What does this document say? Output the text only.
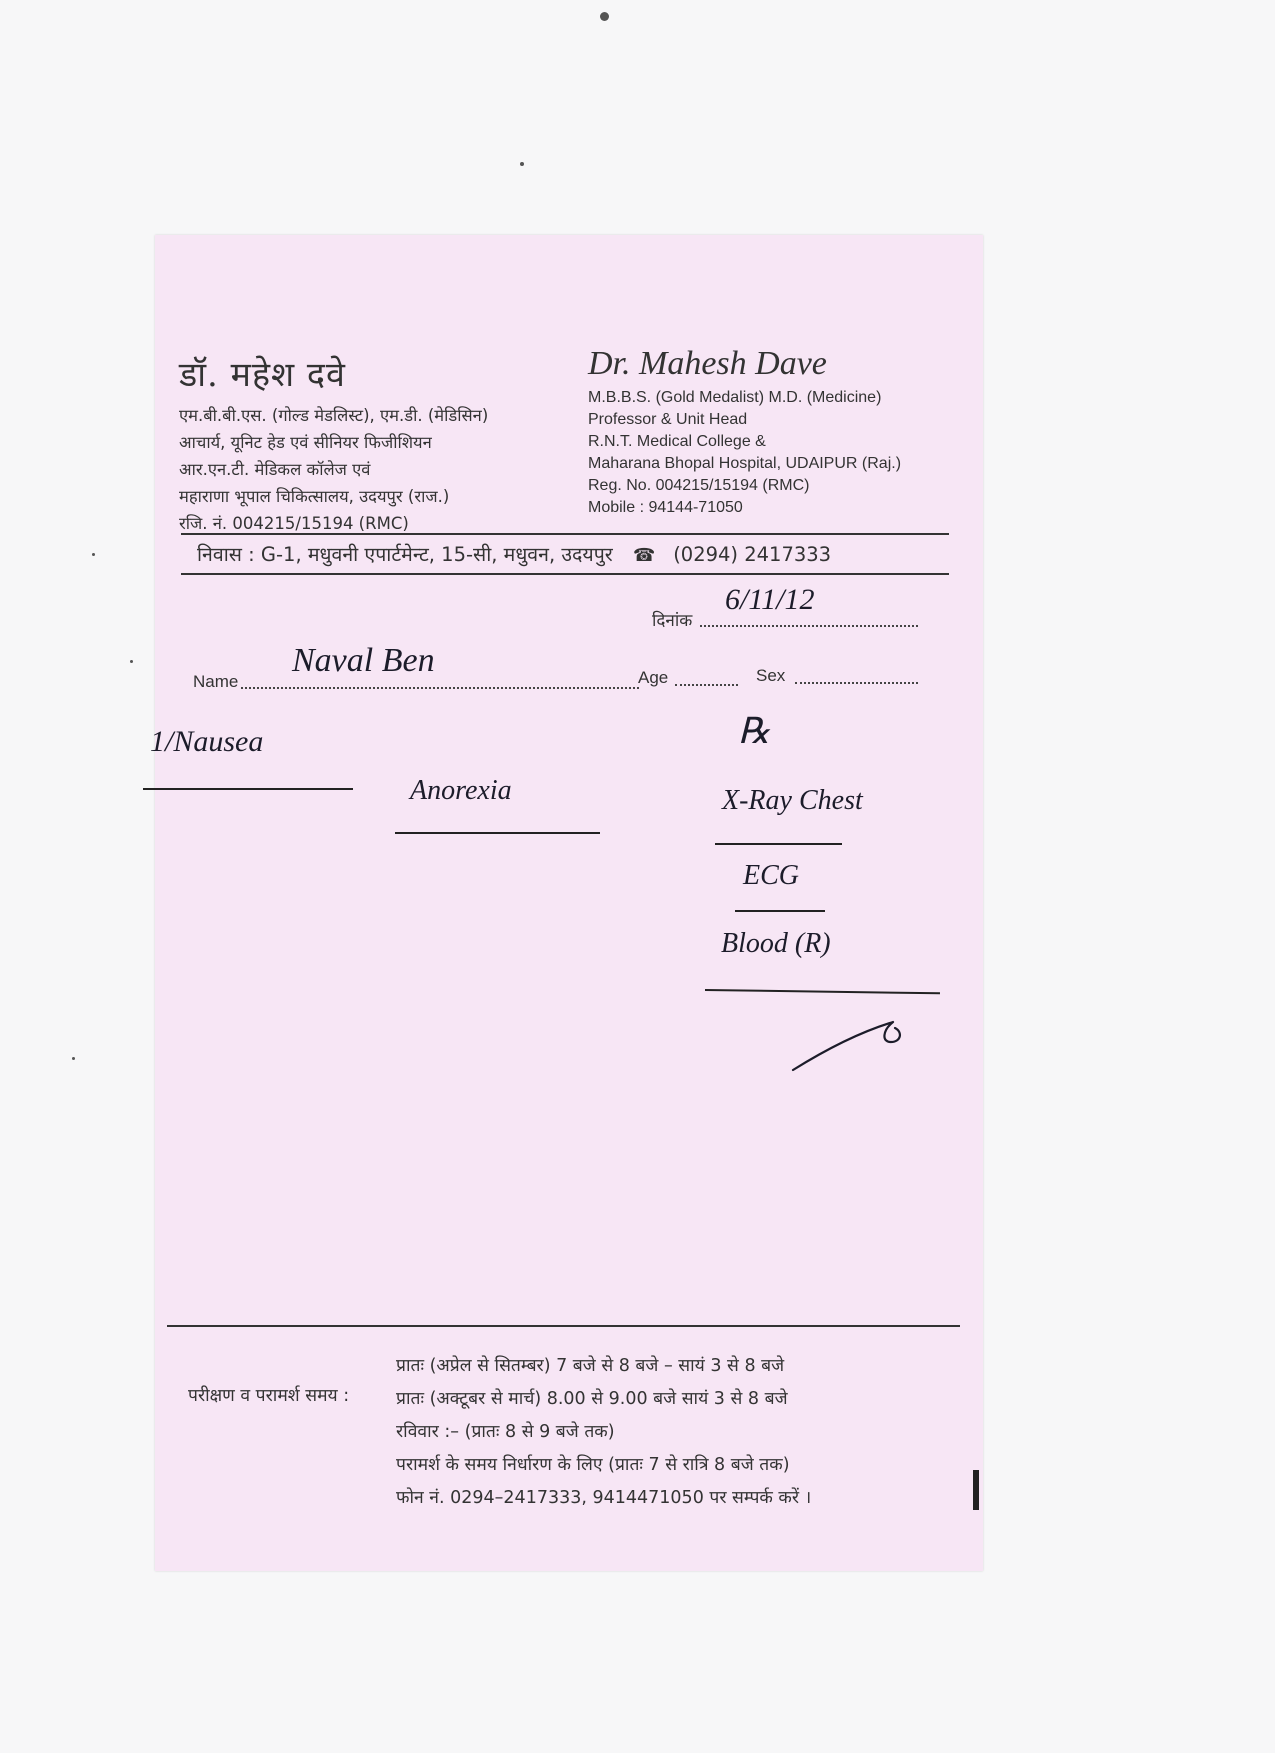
डॉ. महेश दवे
एम.बी.बी.एस. (गोल्ड मेडलिस्ट), एम.डी. (मेडिसिन)
आचार्य, यूनिट हेड एवं सीनियर फिजीशियन
आर.एन.टी. मेडिकल कॉलेज एवं
महाराणा भूपाल चिकित्सालय, उदयपुर (राज.)
रजि. नं. 004215/15194 (RMC)
Dr. Mahesh Dave
M.B.B.S. (Gold Medalist) M.D. (Medicine)
Professor & Unit Head
R.N.T. Medical College &
Maharana Bhopal Hospital, UDAIPUR (Raj.)
Reg. No. 004215/15194 (RMC)
Mobile : 94144-71050
निवास : G-1, मधुवनी एपार्टमेन्ट, 15-सी, मधुवन, उदयपुर ☎ (0294) 2417333
दिनांक
6/11/12
Name
Naval Ben	Age	Sex
1/Nausea
Anorexia
℞
X-Ray Chest
ECG
Blood (R)
परीक्षण व परामर्श समय :
प्रातः (अप्रेल से सितम्बर) 7 बजे से 8 बजे – सायं 3 से 8 बजे
प्रातः (अक्टूबर से मार्च) 8.00 से 9.00 बजे सायं 3 से 8 बजे
रविवार :– (प्रातः 8 से 9 बजे तक)
परामर्श के समय निर्धारण के लिए (प्रातः 7 से रात्रि 8 बजे तक)
फोन नं. 0294–2417333, 9414471050 पर सम्पर्क करें ।
